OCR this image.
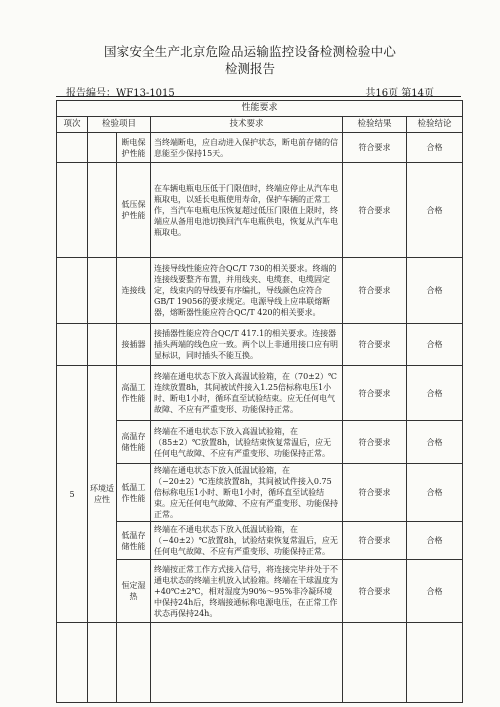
国家安全生产北京危险品运输监控设备检测检验中心
检测报告
报告编号：WF13-1015	共16页 第14页
性能要求					
项次	检验项目		技术要求	检验结果	检验结论
		断电保护性能	当终端断电，应自动进入保护状态，断电前存储的信息能至少保持15天。	符合要求	合格
		低压保护性能	在车辆电瓶电压低于门限值时，终端应停止从汽车电瓶取电，以延长电瓶使用寿命，保护车辆的正常工作，当汽车电瓶电压恢复超过低压门限值上限时，终端应从备用电池切换回汽车电瓶供电，恢复从汽车电瓶取电。	符合要求	合格
		连接线	连接导线性能应符合QC/T 730的相关要求。终端的连接线要整齐布置，并用线夹、电缆套、电缆固定定，线束内的导线要有序编扎，导线颜色应符合GB/T 19056的要求规定。电源导线上应串联熔断器，熔断器性能应符合QC/T 420的相关要求。	符合要求	合格
		接插器	接插器性能应符合QC/T 417.1的相关要求。连接器插头两端的线色应一致。两个以上非通用接口应有明显标识，同时插头不能互换。	符合要求	合格
5	环境适应性	高温工作性能	终端在通电状态下放入高温试验箱，在（70±2）℃连续放置8h，其间被试件接入1.25倍标称电压1小时、断电1小时，循环直至试验结束。应无任何电气故障、不应有严重变形、功能保持正常。	符合要求	合格
		高温存储性能	终端在不通电状态下放入高温试验箱，在（85±2）℃放置8h，试验结束恢复常温后，应无任何电气故障、不应有严重变形、功能保持正常。	符合要求	合格
		低温工作性能	终端在通电状态下放入低温试验箱，在（−20±2）℃连续放置8h，其间被试件接入0.75倍标称电压1小时、断电1小时，循环直至试验结束。应无任何电气故障、不应有严重变形、功能保持正常。	符合要求	合格
		低温存储性能	终端在不通电状态下放入低温试验箱，在（−40±2）℃放置8h，试验结束恢复常温后，应无任何电气故障、不应有严重变形、功能保持正常。	符合要求	合格
		恒定湿热	终端按正常工作方式接入信号，将连接完毕并处于不通电状态的终端主机放入试验箱。终端在干球温度为+40℃±2℃，相对湿度为90%～95%非冷凝环境中保持24h后，终端接通标称电源电压，在正常工作状态再保持24h。	符合要求	合格
